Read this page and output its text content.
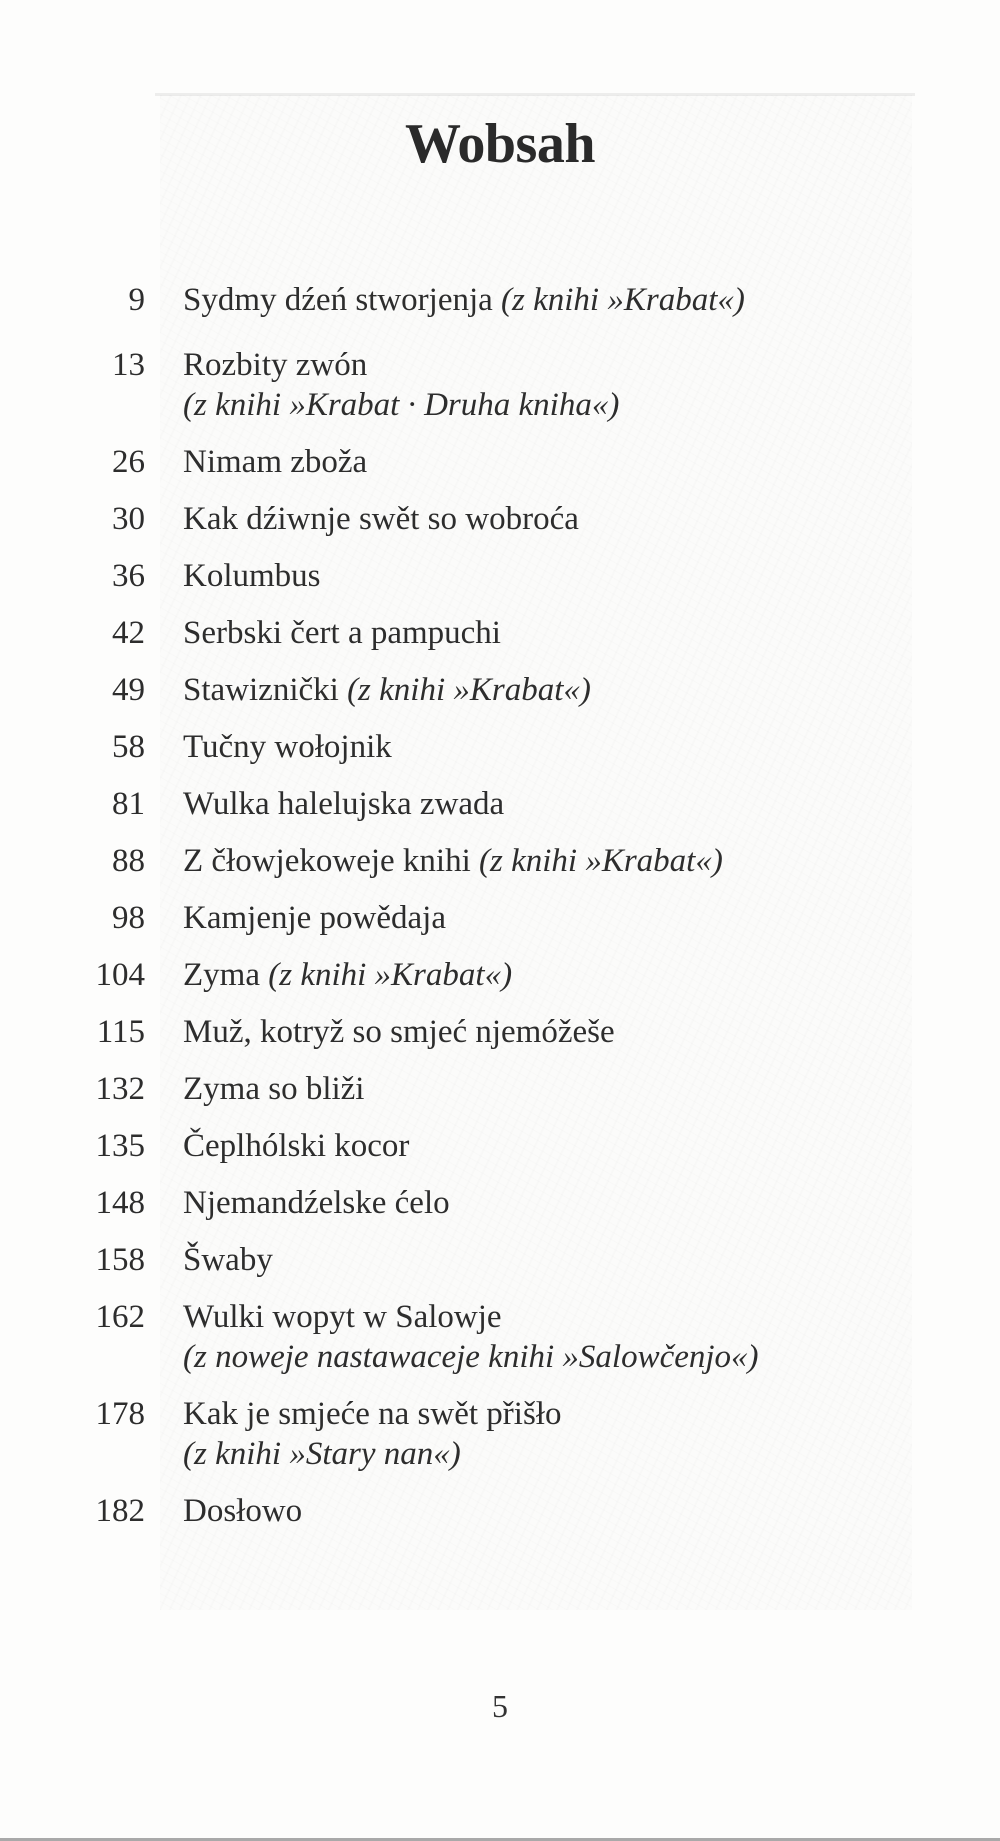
Wobsah
9 Sydmy dźeń stworjenja (z knihi »Krabat«)
13 Rozbity zwón
(z knihi »Krabat · Druha kniha«)
26 Nimam zboža
30 Kak dźiwnje swět so wobroća
36 Kolumbus
42 Serbski čert a pampuchi
49 Stawiznički (z knihi »Krabat«)
58 Tučny wołojnik
81 Wulka halelujska zwada
88 Z čłowjekoweje knihi (z knihi »Krabat«)
98 Kamjenje powědaja
104 Zyma (z knihi »Krabat«)
115 Muž, kotryž so smjeć njemóžeše
132 Zyma so bliži
135 Čeplhólski kocor
148 Njemandźelske ćelo
158 Šwaby
162 Wulki wopyt w Salowje
(z noweje nastawaceje knihi »Salowčenjo«)
178 Kak je smjeće na swět přišło
(z knihi »Stary nan«)
182 Dosłowo
5
